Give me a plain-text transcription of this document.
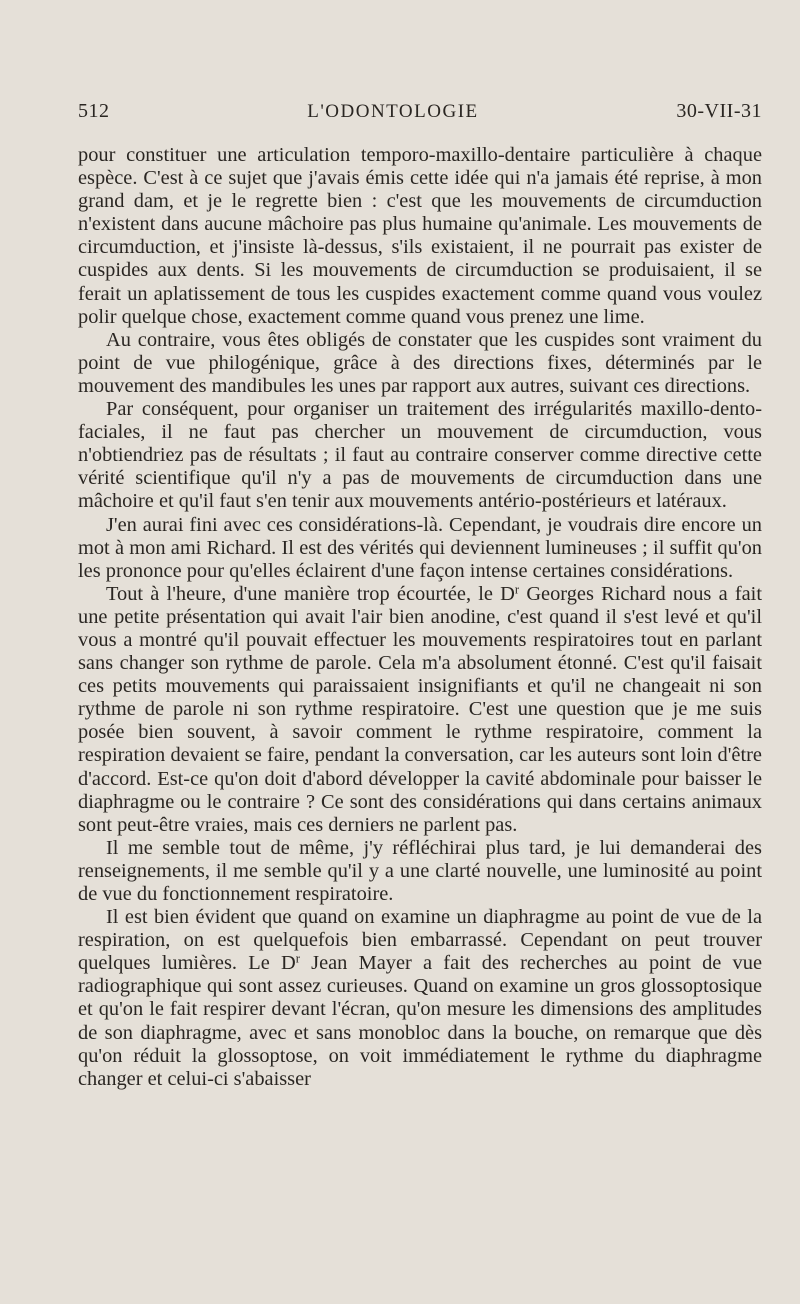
512	L'ODONTOLOGIE	30-VII-31

pour constituer une articulation temporo-maxillo-dentaire particulière à chaque espèce. C'est à ce sujet que j'avais émis cette idée qui n'a jamais été reprise, à mon grand dam, et je le regrette bien : c'est que les mouvements de circumduction n'existent dans aucune mâchoire pas plus humaine qu'animale. Les mouvements de circumduction, et j'insiste là-dessus, s'ils existaient, il ne pourrait pas exister de cuspides aux dents. Si les mouvements de circumduction se produisaient, il se ferait un aplatissement de tous les cuspides exactement comme quand vous voulez polir quelque chose, exactement comme quand vous prenez une lime.

Au contraire, vous êtes obligés de constater que les cuspides sont vraiment du point de vue philogénique, grâce à des directions fixes, déterminés par le mouvement des mandibules les unes par rapport aux autres, suivant ces directions.

Par conséquent, pour organiser un traitement des irrégularités maxillo-dento-faciales, il ne faut pas chercher un mouvement de circumduction, vous n'obtiendriez pas de résultats ; il faut au contraire conserver comme directive cette vérité scientifique qu'il n'y a pas de mouvements de circumduction dans une mâchoire et qu'il faut s'en tenir aux mouvements antério-postérieurs et latéraux.

J'en aurai fini avec ces considérations-là. Cependant, je voudrais dire encore un mot à mon ami Richard. Il est des vérités qui deviennent lumineuses ; il suffit qu'on les prononce pour qu'elles éclairent d'une façon intense certaines considérations.

Tout à l'heure, d'une manière trop écourtée, le $D^r$ Georges Richard nous a fait une petite présentation qui avait l'air bien anodine, c'est quand il s'est levé et qu'il vous a montré qu'il pouvait effectuer les mouvements respiratoires tout en parlant sans changer son rythme de parole. Cela m'a absolument étonné. C'est qu'il faisait ces petits mouvements qui paraissaient insignifiants et qu'il ne changeait ni son rythme de parole ni son rythme respiratoire. C'est une question que je me suis posée bien souvent, à savoir comment le rythme respiratoire, comment la respiration devaient se faire, pendant la conversation, car les auteurs sont loin d'être d'accord. Est-ce qu'on doit d'abord développer la cavité abdominale pour baisser le diaphragme ou le contraire ? Ce sont des considérations qui dans certains animaux sont peut-être vraies, mais ces derniers ne parlent pas.

Il me semble tout de même, j'y réfléchirai plus tard, je lui demanderai des renseignements, il me semble qu'il y a une clarté nouvelle, une luminosité au point de vue du fonctionnement respiratoire.

Il est bien évident que quand on examine un diaphragme au point de vue de la respiration, on est quelquefois bien embarrassé. Cependant on peut trouver quelques lumières. Le $D^r$ Jean Mayer a fait des recherches au point de vue radiographique qui sont assez curieuses. Quand on examine un gros glossoptosique et qu'on le fait respirer devant l'écran, qu'on mesure les dimensions des amplitudes de son diaphragme, avec et sans monobloc dans la bouche, on remarque que dès qu'on réduit la glossoptose, on voit immédiatement le rythme du diaphragme changer et celui-ci s'abaisser
